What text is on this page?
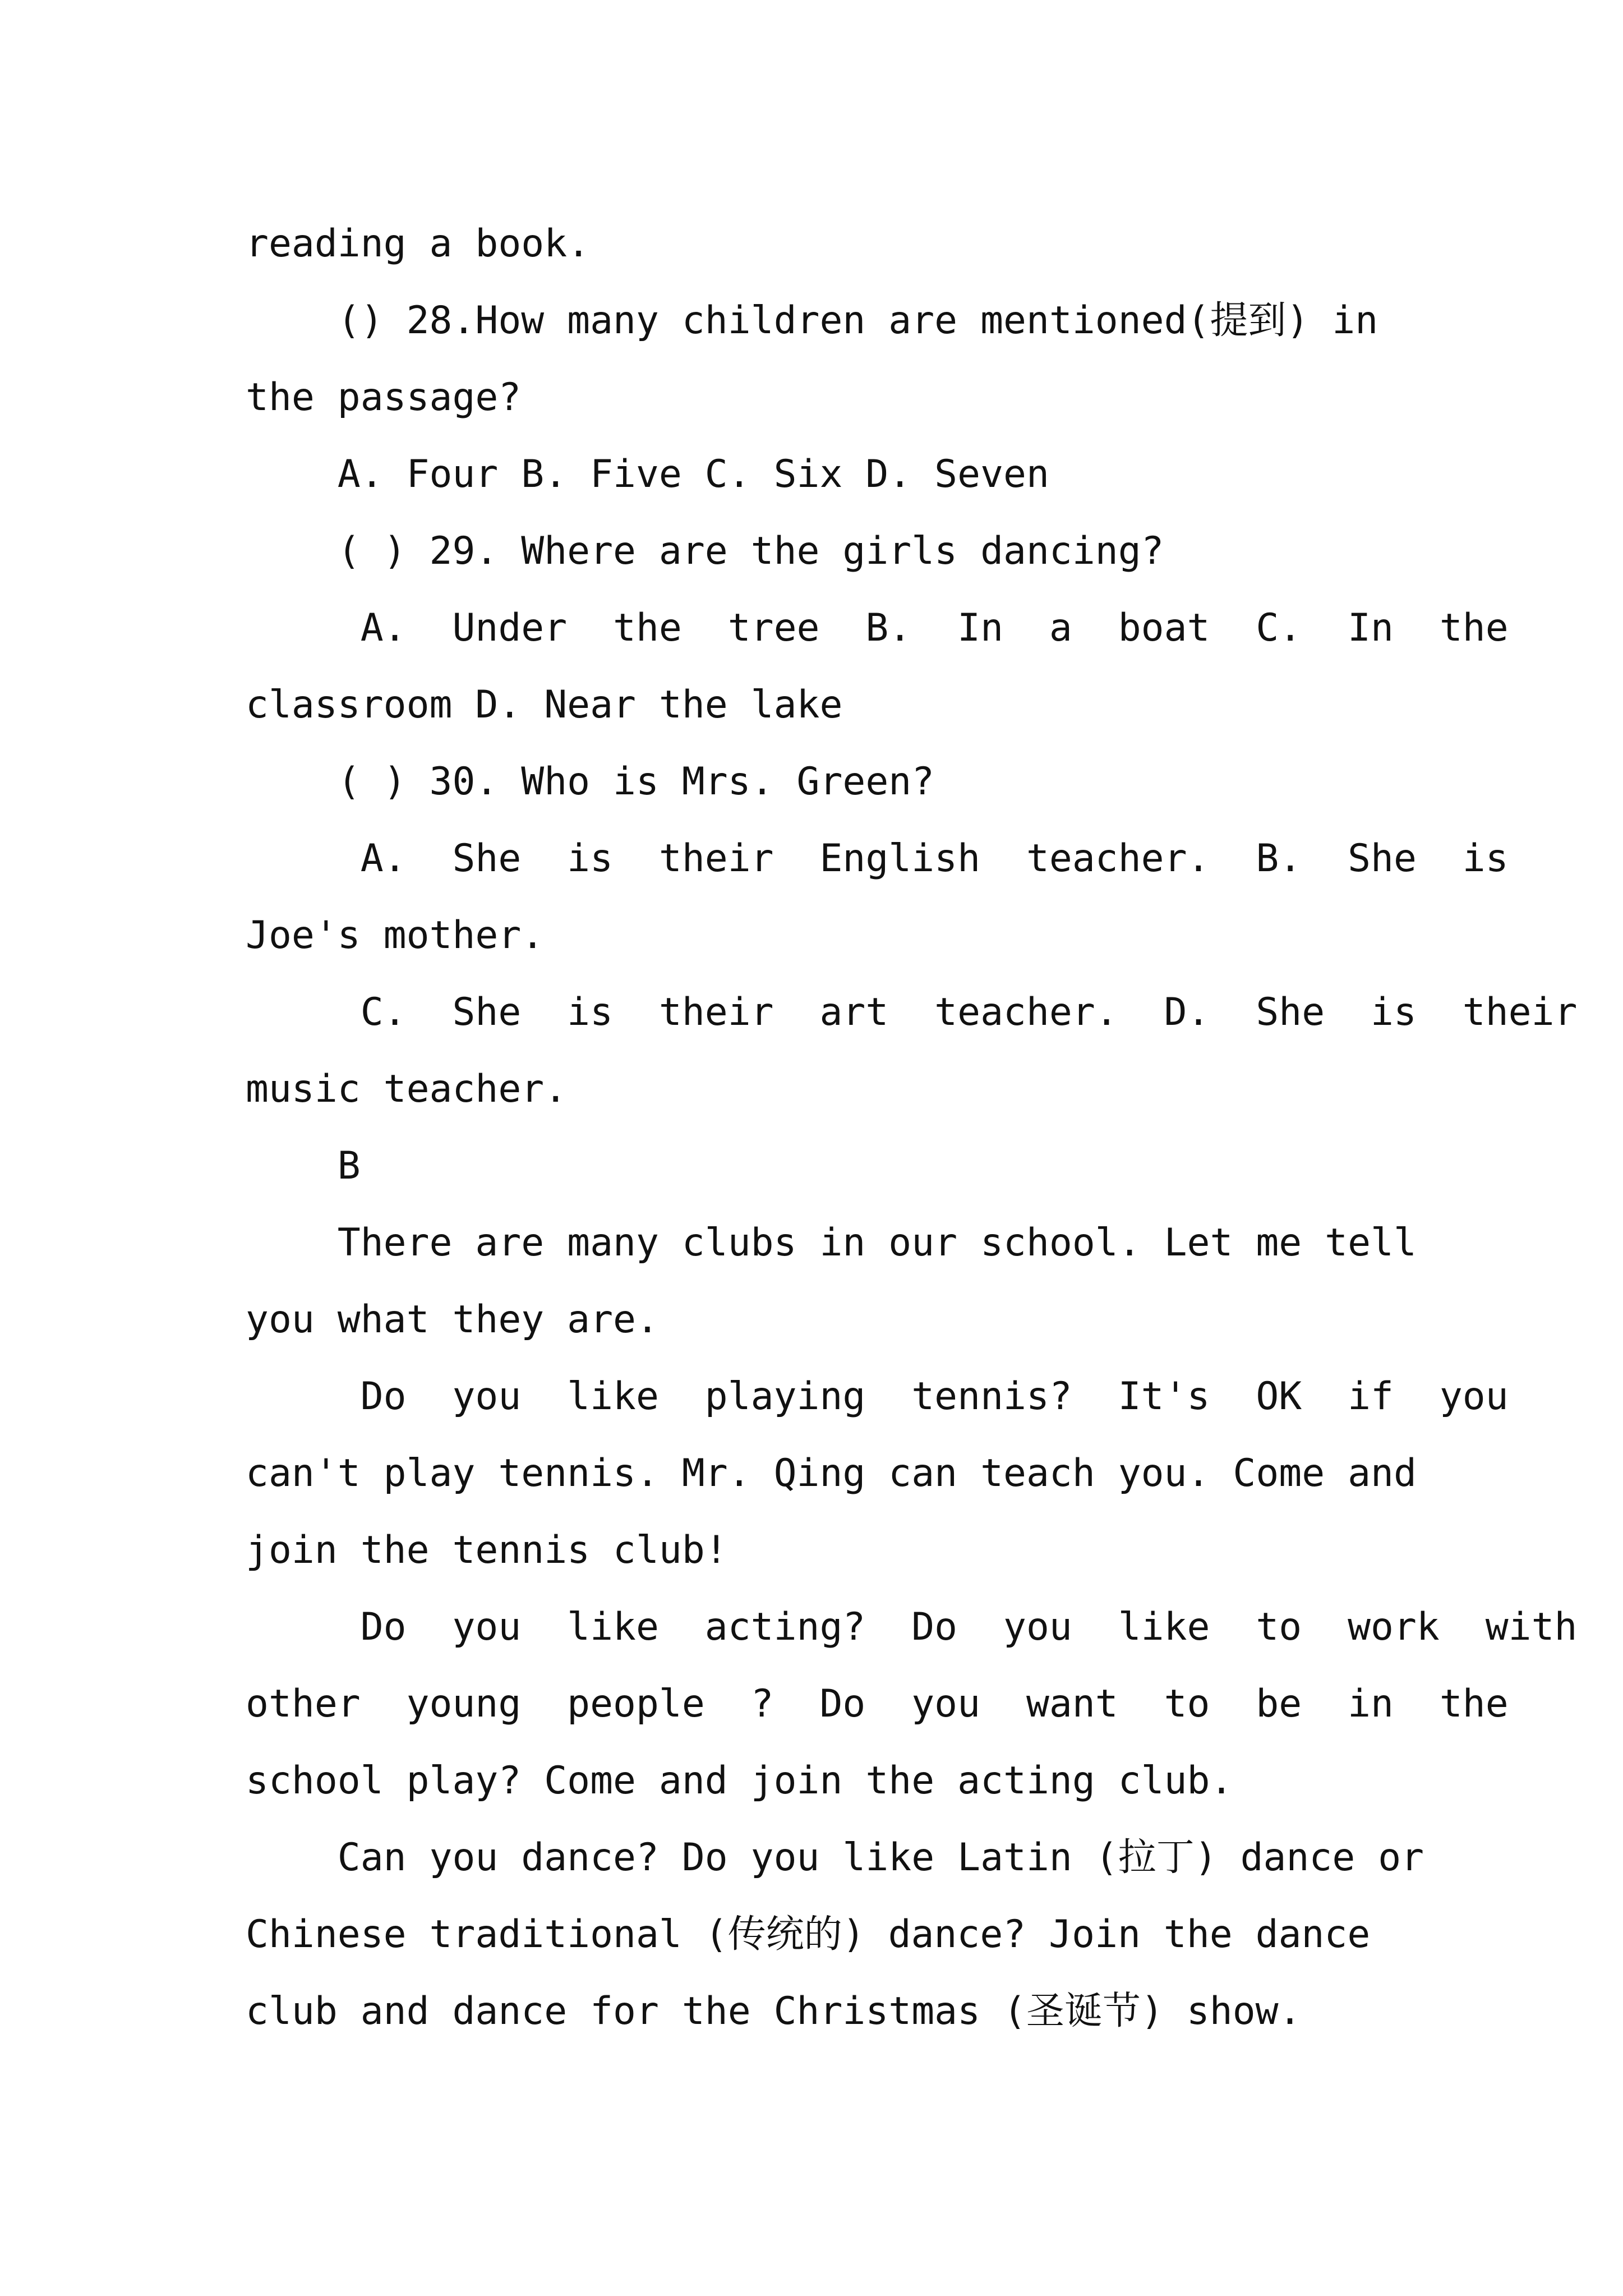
reading a book.
() 28.How many children are mentioned(提到) in
the passage?
A. Four B. Five C. Six D. Seven
( ) 29. Where are the girls dancing?
A.  Under  the  tree  B.  In  a  boat  C.  In  the
classroom D. Near the lake
( ) 30. Who is Mrs. Green?
A.  She  is  their  English  teacher.  B.  She  is
Joe's mother.
C.  She  is  their  art  teacher.  D.  She  is  their
music teacher.
B
There are many clubs in our school. Let me tell
you what they are.
Do  you  like  playing  tennis?  It's  OK  if  you
can't play tennis. Mr. Qing can teach you. Come and
join the tennis club!
Do  you  like  acting?  Do  you  like  to  work  with
other  young  people  ?  Do  you  want  to  be  in  the
school play? Come and join the acting club.
Can you dance? Do you like Latin (拉丁) dance or
Chinese traditional (传统的) dance? Join the dance
club and dance for the Christmas (圣诞节) show.
